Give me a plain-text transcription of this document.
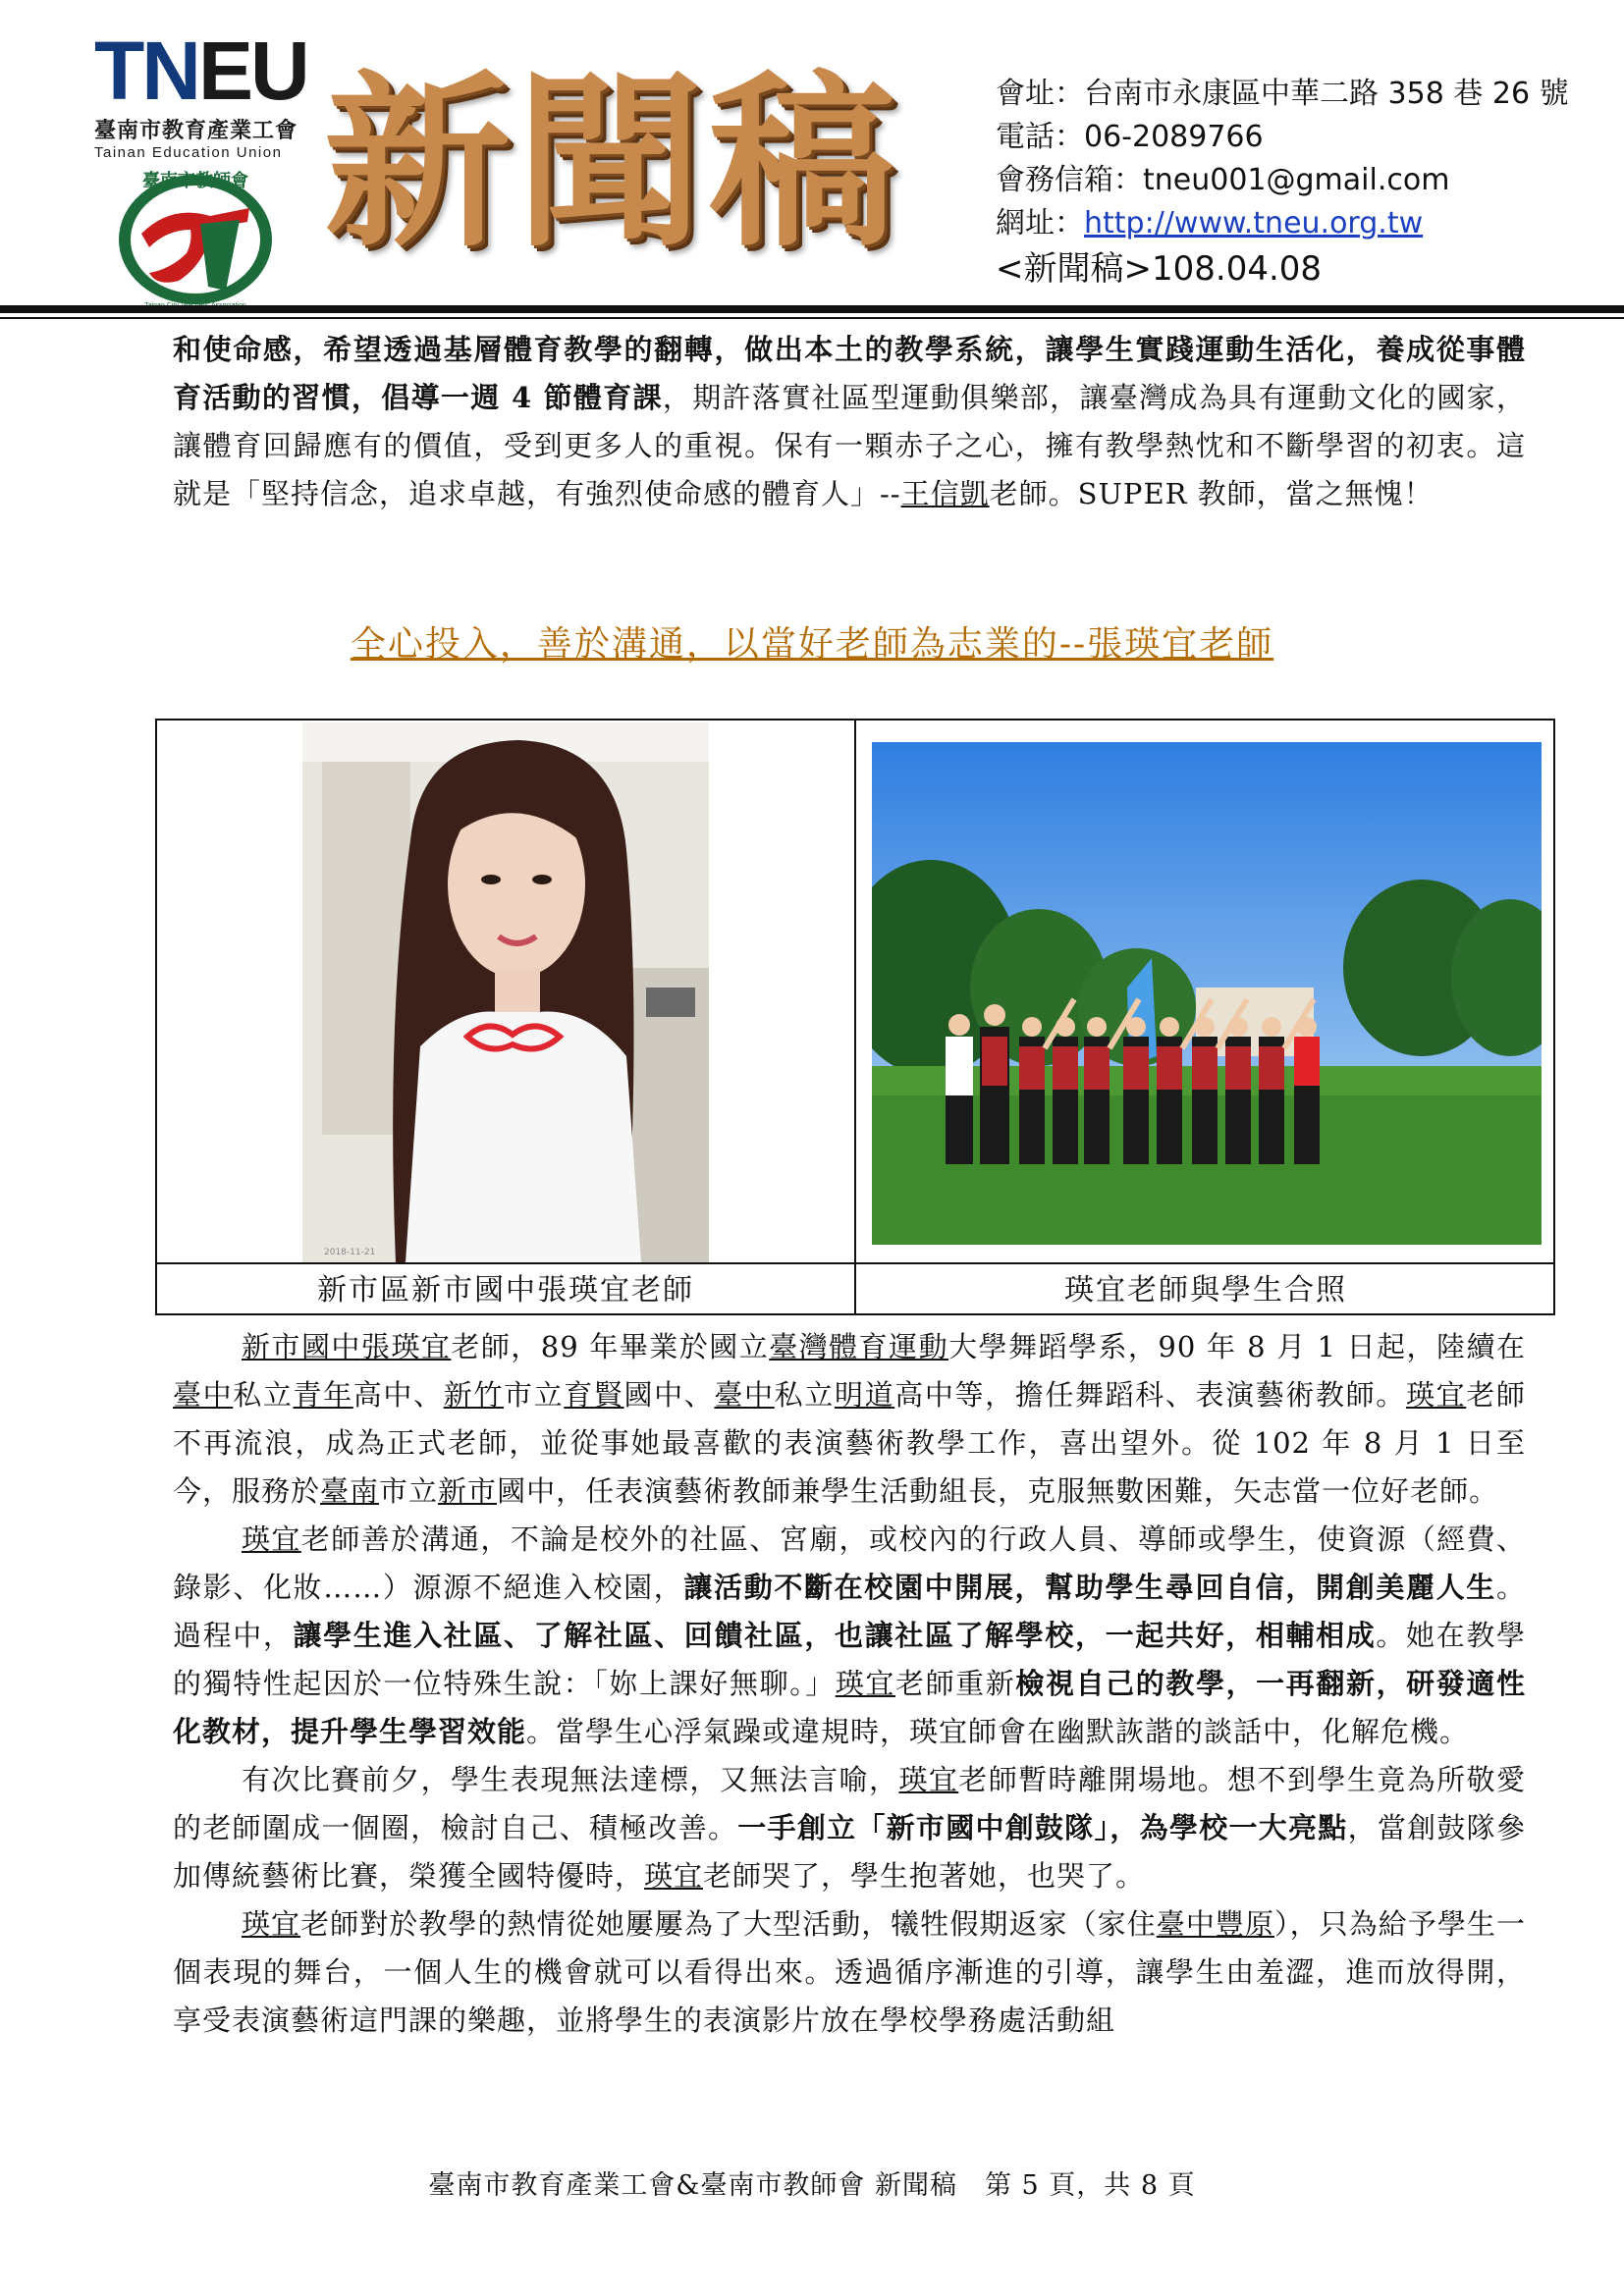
TNEU
臺南市教育產業工會
Tainan Education Union
臺南市教師會 新聞稿	會址：台南市永康區中華二路 358 巷 26 號
電話：06-2089766
會務信箱：tneu001@gmail.com
網址：http://www.tneu.org.tw
<新聞稿>108.04.08

和使命感，希望透過基層體育教學的翻轉，做出本土的教學系統，讓學生實踐運動生活化，養成從事體育活動的習慣，倡導一週 4 節體育課，期許落實社區型運動俱樂部，讓臺灣成為具有運動文化的國家，讓體育回歸應有的價值，受到更多人的重視。保有一顆赤子之心，擁有教學熱忱和不斷學習的初衷。這就是「堅持信念，追求卓越，有強烈使命感的體育人」--王信凱老師。SUPER 教師，當之無愧！

全心投入，善於溝通，以當好老師為志業的--張瑛宜老師
2018-11-21
新市區新市國中張瑛宜老師	瑛宜老師與學生合照

新市國中張瑛宜老師，89 年畢業於國立臺灣體育運動大學舞蹈學系，90 年 8 月 1 日起，陸續在臺中私立青年高中、新竹市立育賢國中、臺中私立明道高中等，擔任舞蹈科、表演藝術教師。瑛宜老師不再流浪，成為正式老師，並從事她最喜歡的表演藝術教學工作，喜出望外。從 102 年 8 月 1 日至今，服務於臺南市立新市國中，任表演藝術教師兼學生活動組長，克服無數困難，矢志當一位好老師。

瑛宜老師善於溝通，不論是校外的社區、宮廟，或校內的行政人員、導師或學生，使資源（經費、錄影、化妝……）源源不絕進入校園，讓活動不斷在校園中開展，幫助學生尋回自信，開創美麗人生。過程中，讓學生進入社區、了解社區、回饋社區，也讓社區了解學校，一起共好，相輔相成。她在教學的獨特性起因於一位特殊生說：「妳上課好無聊。」瑛宜老師重新檢視自己的教學，一再翻新，研發適性化教材，提升學生學習效能。當學生心浮氣躁或違規時，瑛宜師會在幽默詼諧的談話中，化解危機。

有次比賽前夕，學生表現無法達標，又無法言喻，瑛宜老師暫時離開場地。想不到學生竟為所敬愛的老師圍成一個圈，檢討自己、積極改善。一手創立「新市國中創鼓隊」，為學校一大亮點，當創鼓隊參加傳統藝術比賽，榮獲全國特優時，瑛宜老師哭了，學生抱著她，也哭了。

瑛宜老師對於教學的熱情從她屢屢為了大型活動，犧牲假期返家（家住臺中豐原），只為給予學生一個表現的舞台，一個人生的機會就可以看得出來。透過循序漸進的引導，讓學生由羞澀，進而放得開，享受表演藝術這門課的樂趣，並將學生的表演影片放在學校學務處活動組

臺南市教育產業工會&臺南市教師會 新聞稿　第 5 頁，共 8 頁
